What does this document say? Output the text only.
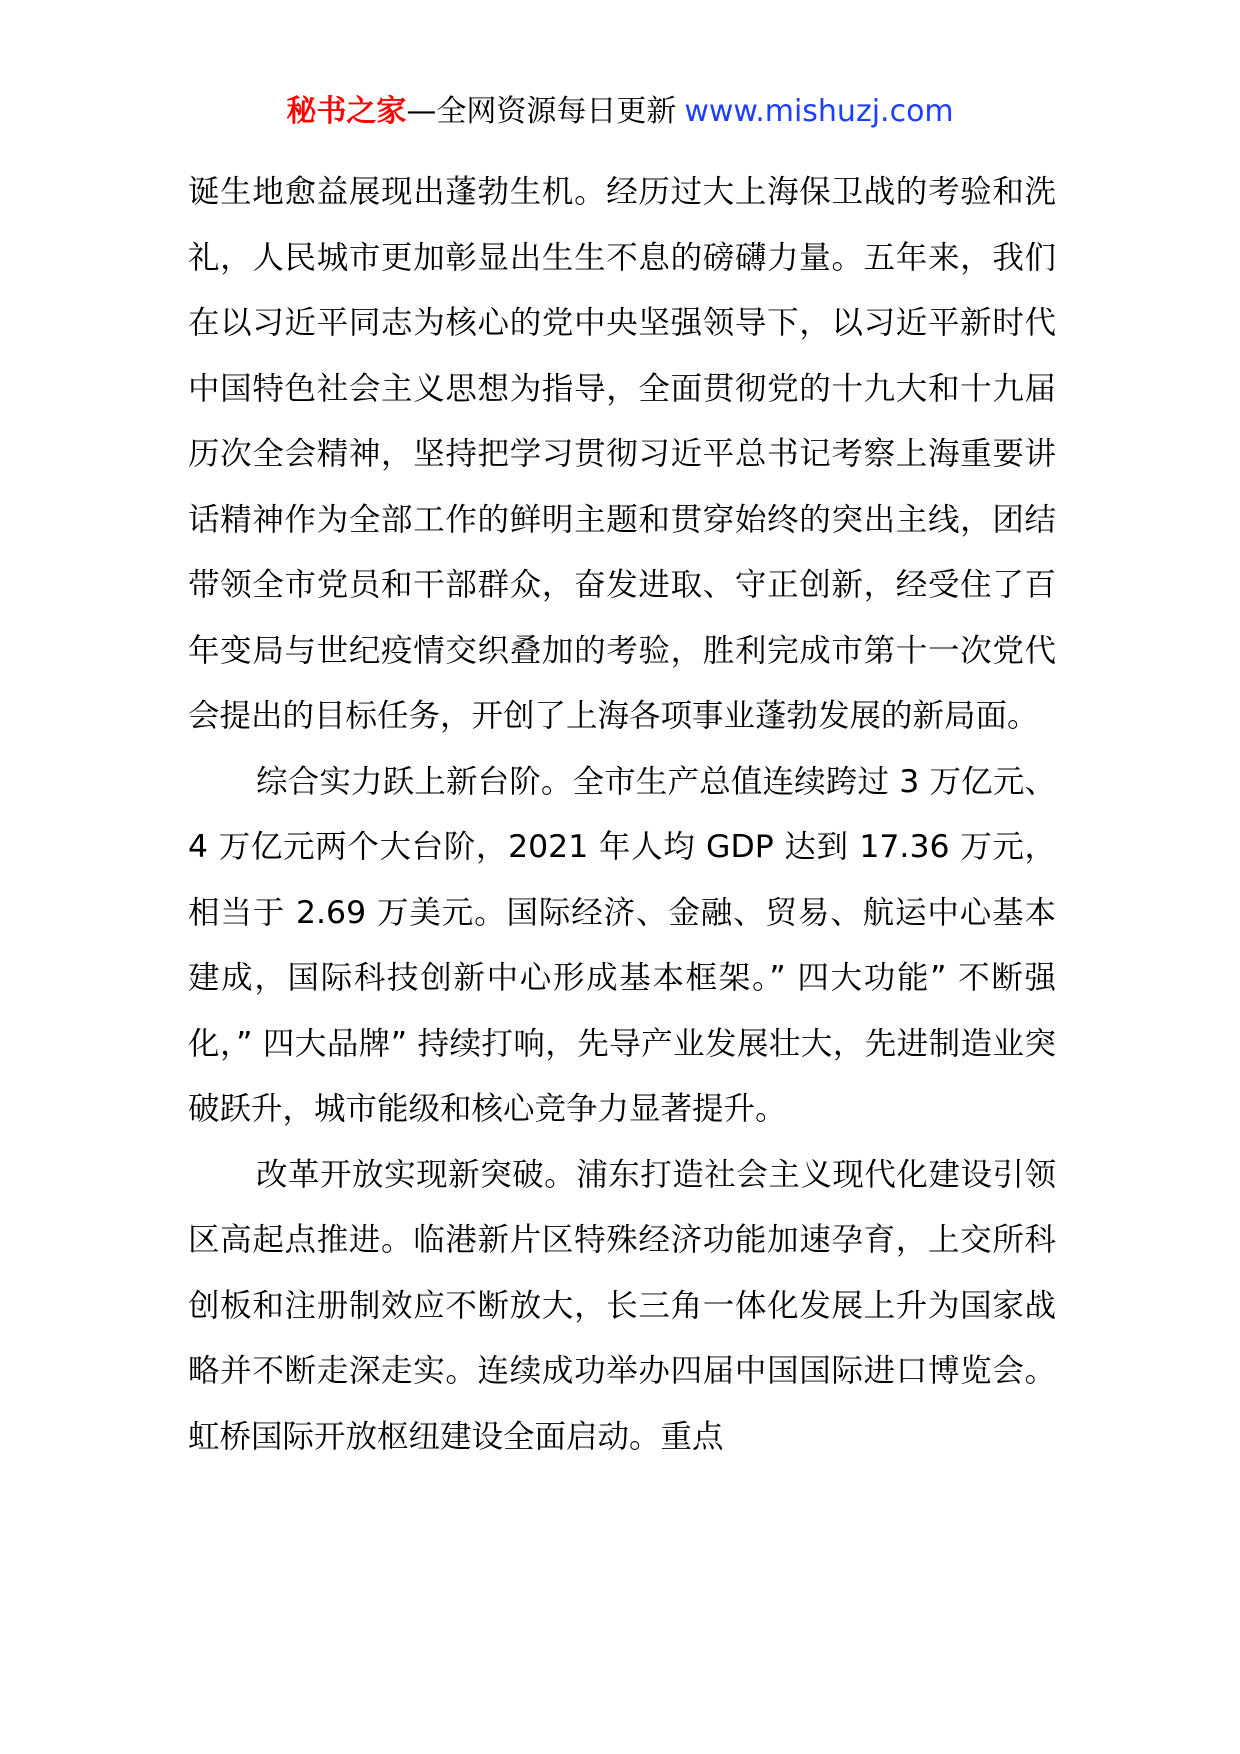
秘书之家—全网资源每日更新 www.mishuzj.com

诞生地愈益展现出蓬勃生机。经历过大上海保卫战的考验和洗礼，人民城市更加彰显出生生不息的磅礴力量。五年来，我们在以习近平同志为核心的党中央坚强领导下，以习近平新时代中国特色社会主义思想为指导，全面贯彻党的十九大和十九届历次全会精神，坚持把学习贯彻习近平总书记考察上海重要讲话精神作为全部工作的鲜明主题和贯穿始终的突出主线，团结带领全市党员和干部群众，奋发进取、守正创新，经受住了百年变局与世纪疫情交织叠加的考验，胜利完成市第十一次党代会提出的目标任务，开创了上海各项事业蓬勃发展的新局面。

综合实力跃上新台阶。全市生产总值连续跨过 3 万亿元、4 万亿元两个大台阶，2021 年人均 GDP 达到 17.36 万元，相当于 2.69 万美元。国际经济、金融、贸易、航运中心基本建成，国际科技创新中心形成基本框架。” 四大功能” 不断强化，” 四大品牌” 持续打响，先导产业发展壮大，先进制造业突破跃升，城市能级和核心竞争力显著提升。

改革开放实现新突破。浦东打造社会主义现代化建设引领区高起点推进。临港新片区特殊经济功能加速孕育，上交所科创板和注册制效应不断放大，长三角一体化发展上升为国家战略并不断走深走实。连续成功举办四届中国国际进口博览会。虹桥国际开放枢纽建设全面启动。重点
